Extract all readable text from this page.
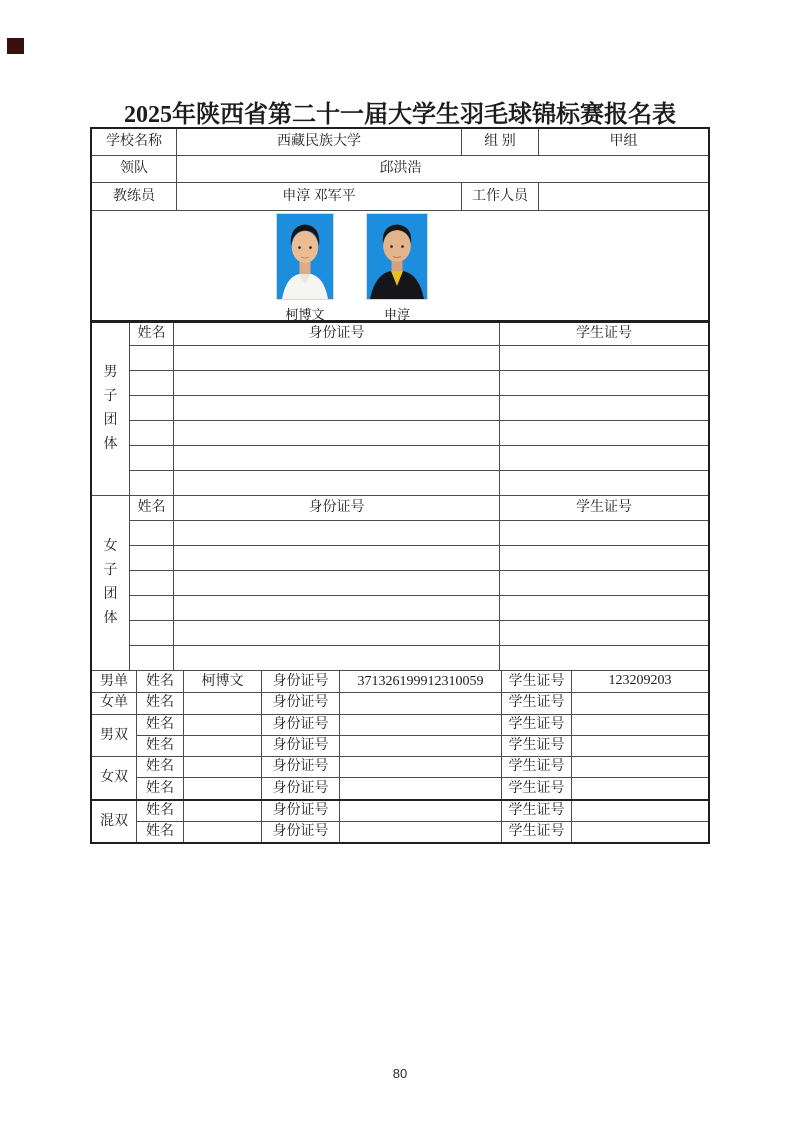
2025年陕西省第二十一届大学生羽毛球锦标赛报名表
学校名称	西藏民族大学	组 别	甲组
领队	邱洪浩
教练员	申淳 邓军平	工作人员
柯博文	申淳
男子团体
姓名	身份证号	学生证号
女子团体
姓名	身份证号	学生证号
男单	姓名	柯博文	身份证号	371326199912310059	学生证号	123209203
女单	姓名	身份证号	学生证号
男双
姓名	身份证号	学生证号
姓名	身份证号	学生证号
女双
姓名	身份证号	学生证号
姓名	身份证号	学生证号
混双
姓名	身份证号	学生证号
姓名	身份证号	学生证号
80
